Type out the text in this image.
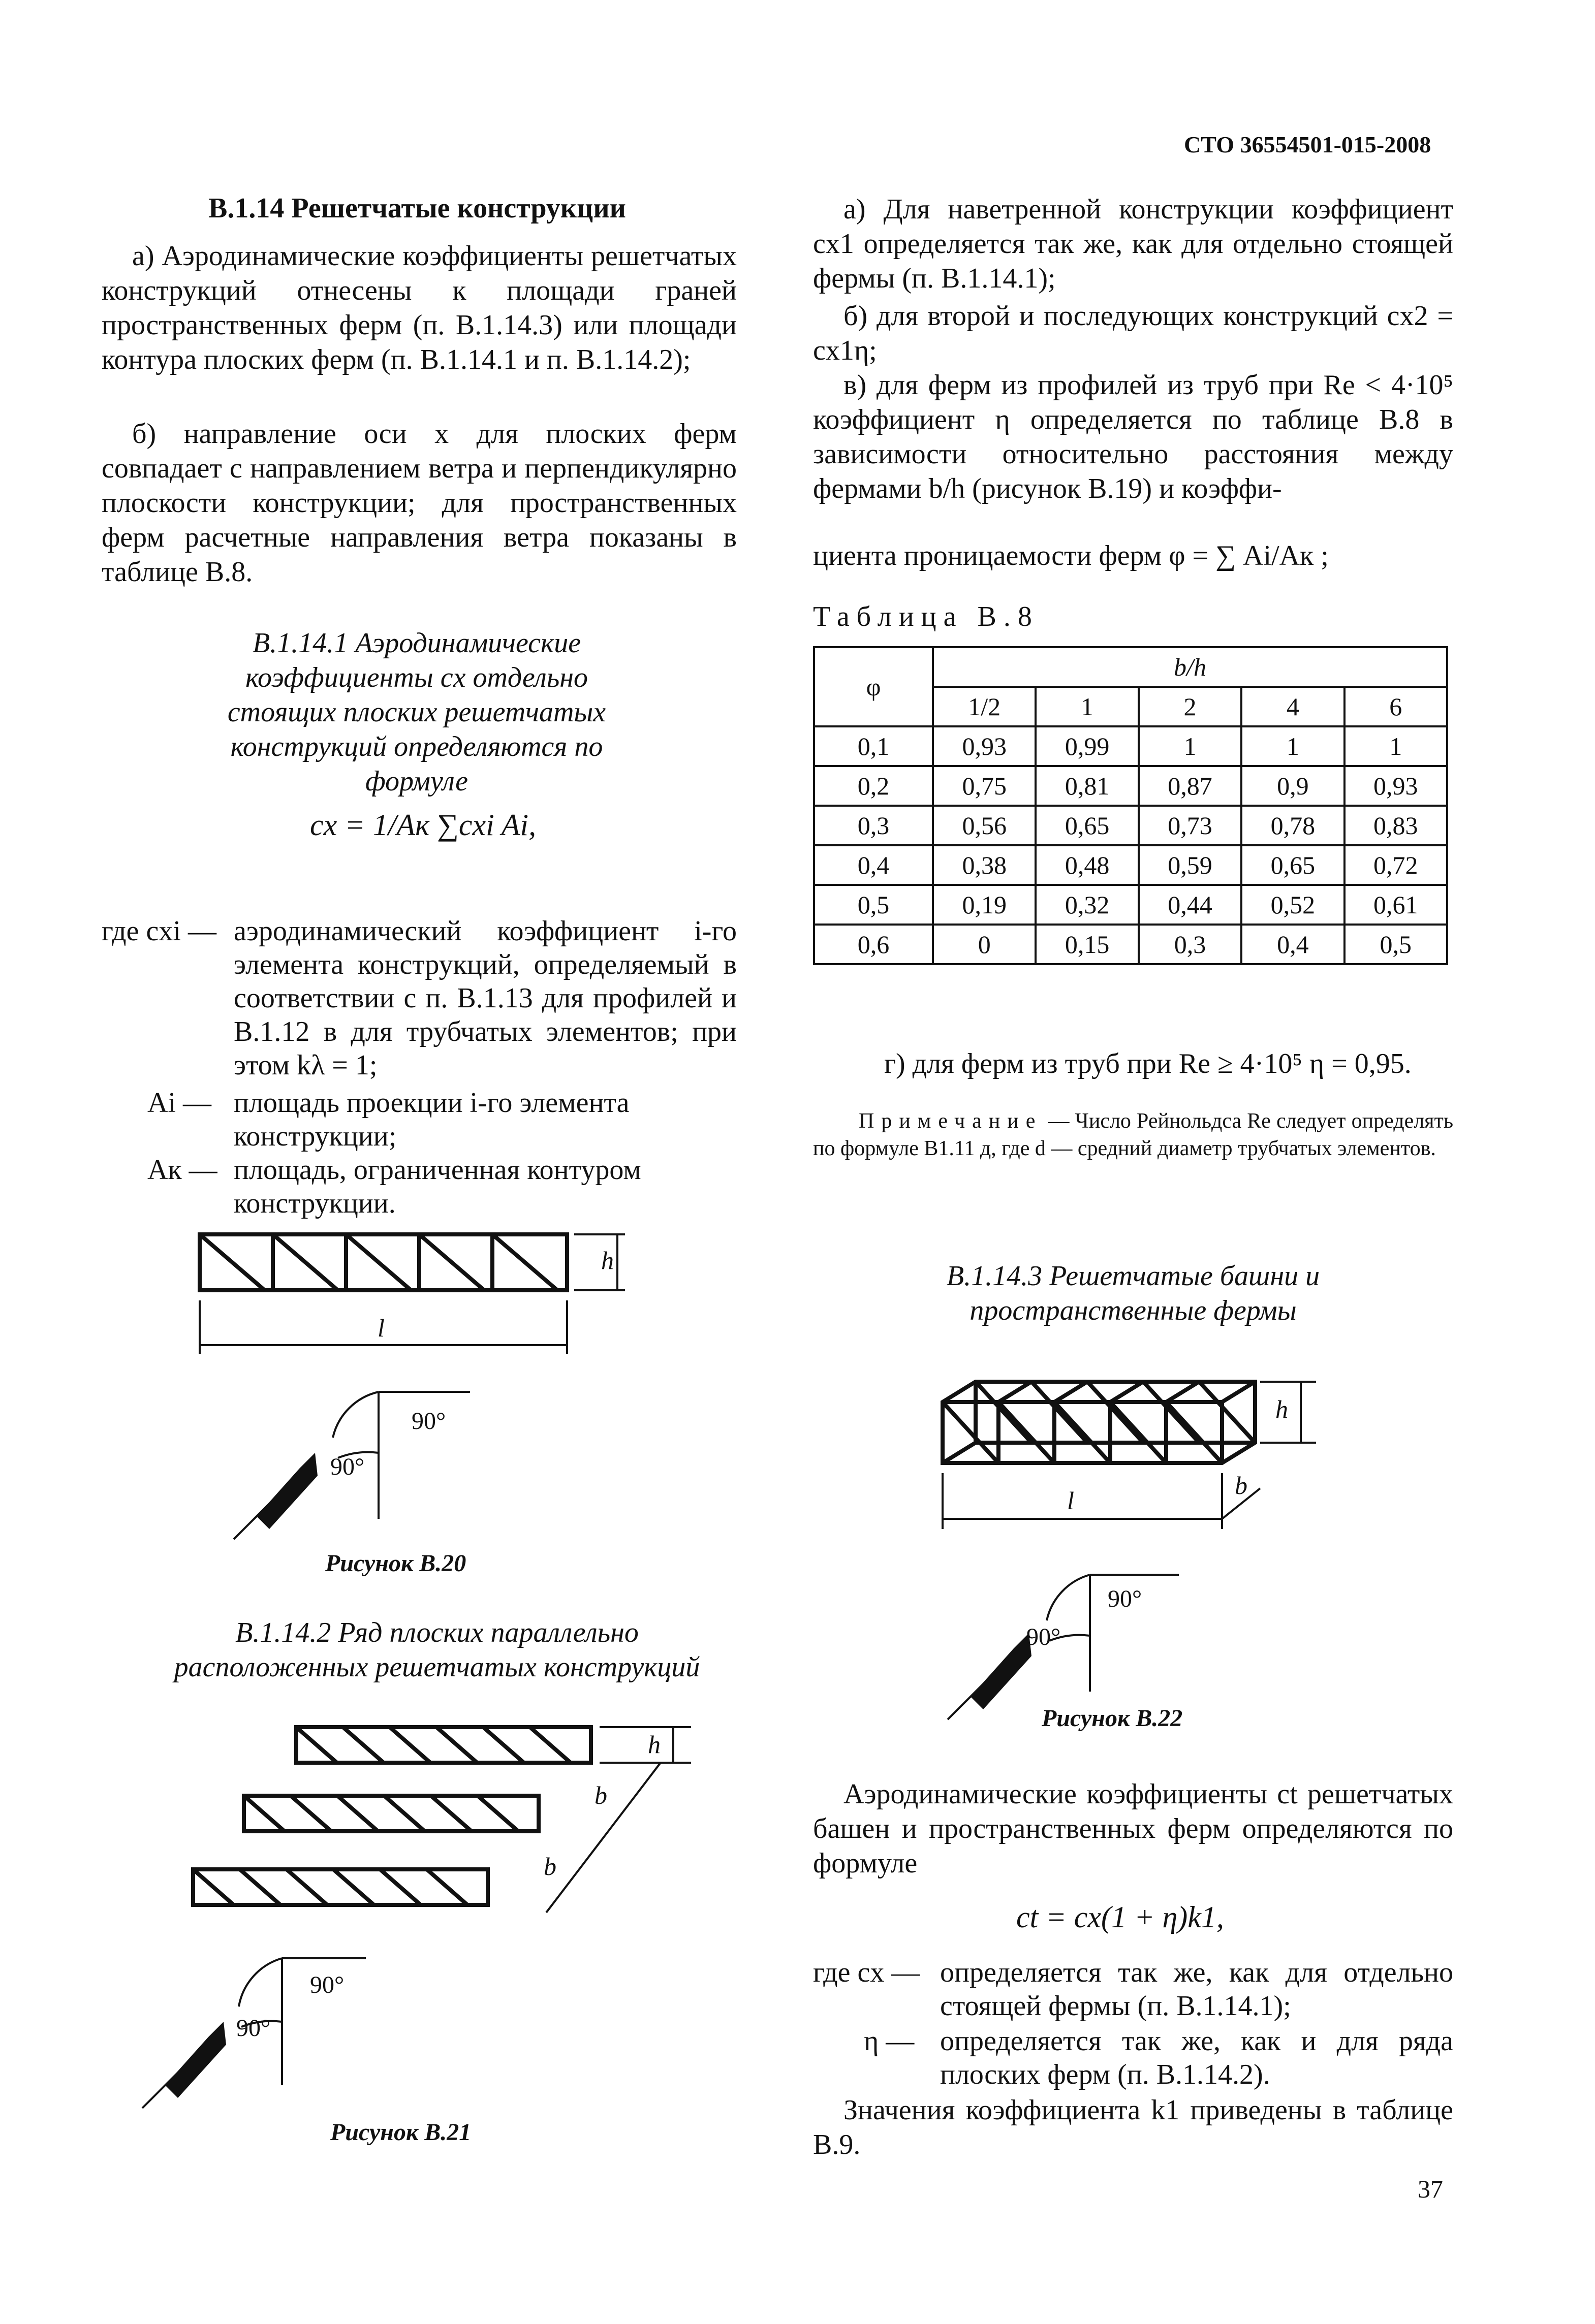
СТО 36554501-015-2008
В.1.14 Решетчатые конструкции
а) Аэродинамические коэффициенты решетчатых конструкций отнесены к площади граней пространственных ферм (п. В.1.14.3) или площади контура плоских ферм (п. В.1.14.1 и п. В.1.14.2);
б) направление оси x для плоских ферм совпадает с направлением ветра и перпендикулярно плоскости конструкции; для пространственных ферм расчетные направления ветра показаны в таблице В.8.
В.1.14.1 Аэродинамические коэффициенты cx отдельно стоящих плоских решетчатых конструкций определяются по формуле
cx = 1/Aк ∑cxi Ai,
где cxi — аэродинамический коэффициент i-го элемента конструкций, определяемый в соответствии с п. В.1.13 для профилей и В.1.12 в для трубчатых элементов; при этом kλ = 1;
Ai — площадь проекции i-го элемента конструкции;
Aк — площадь, ограниченная контуром конструкции.
h
l
90°
90°
Рисунок В.20
В.1.14.2 Ряд плоских параллельно расположенных решетчатых конструкций
h
b
b
90°
90°
Рисунок В.21
а) Для наветренной конструкции коэффициент cx1 определяется так же, как для отдельно стоящей фермы (п. В.1.14.1);
б) для второй и последующих конструкций cx2 = cx1η;
в) для ферм из профилей из труб при Re < 4·10⁵ коэффициент η определяется по таблице В.8 в зависимости относительно расстояния между фермами b/h (рисунок В.19) и коэффи-
циента проницаемости ферм φ = ∑ Ai/Aк ;
Таблица В.8
φ	b/h				
	1/2	1	2	4	6
0,1	0,93	0,99	1	1	1
0,2	0,75	0,81	0,87	0,9	0,93
0,3	0,56	0,65	0,73	0,78	0,83
0,4	0,38	0,48	0,59	0,65	0,72
0,5	0,19	0,32	0,44	0,52	0,61
0,6	0	0,15	0,3	0,4	0,5
г) для ферм из труб при Re ≥ 4·10⁵ η = 0,95.
Примечание — Число Рейнольдса Re следует определять по формуле В1.11 д, где d — средний диаметр трубчатых элементов.
В.1.14.3 Решетчатые башни и пространственные фермы
h
l
b
90°
90°
Рисунок В.22
Аэродинамические коэффициенты ct решетчатых башен и пространственных ферм определяются по формуле
ct = cx(1 + η)k1,
где cx — определяется так же, как для отдельно стоящей фермы (п. В.1.14.1);
η — определяется так же, как и для ряда плоских ферм (п. В.1.14.2).
Значения коэффициента k1 приведены в таблице В.9.
37
